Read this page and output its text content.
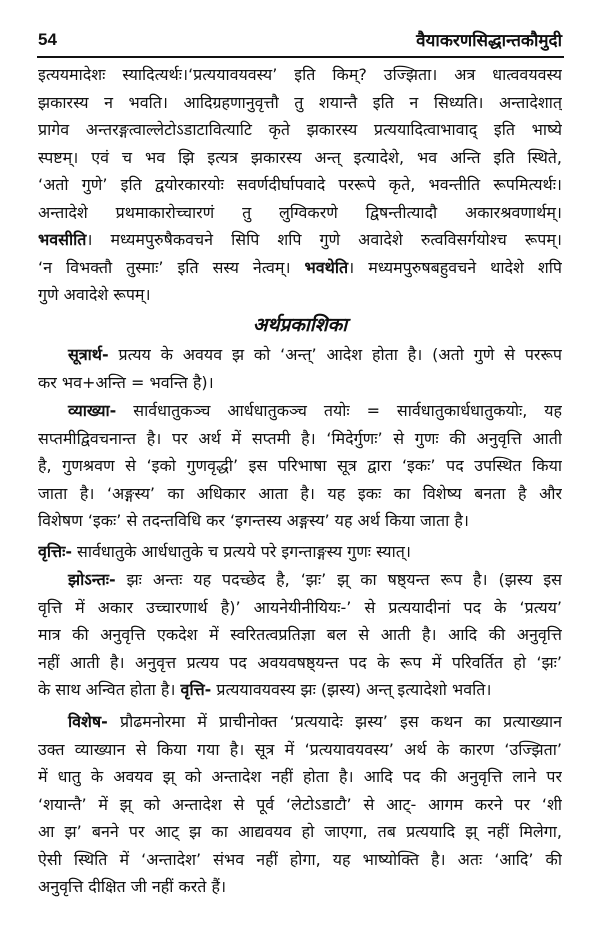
54	वैयाकरणसिद्धान्तकौमुदी
इत्ययमादेशः स्यादित्यर्थः।‘प्रत्ययावयवस्य’ इति किम्? उज्झिता। अत्र धात्ववयवस्य
झकारस्य न भवति। आदिग्रहणानुवृत्तौ तु शयान्तै इति न सिध्यति। अन्तादेशात्
प्रागेव अन्तरङ्गत्वाल्लेटोऽडाटावित्याटि कृते झकारस्य प्रत्ययादित्वाभावाद् इति भाष्ये
स्पष्टम्। एवं च भव झि इत्यत्र झकारस्य अन्त् इत्यादेशे, भव अन्ति इति स्थिते,
‘अतो गुणे’ इति द्वयोरकारयोः सवर्णदीर्घापवादे पररूपे कृते, भवन्तीति रूपमित्यर्थः।
अन्तादेशे प्रथमाकारोच्चारणं तु लुग्विकरणे द्विषन्तीत्यादौ अकारश्रवणार्थम्।
भवसीति। मध्यमपुरुषैकवचने सिपि शपि गुणे अवादेशे रुत्वविसर्गयोश्च रूपम्।
‘न विभक्तौ तुस्माः’ इति सस्य नेत्वम्। भवथेति। मध्यमपुरुषबहुवचने थादेशे शपि
गुणे अवादेशे रूपम्।
अर्थप्रकाशिका
सूत्रार्थ- प्रत्यय के अवयव झ को ‘अन्त्’ आदेश होता है। (अतो गुणे से पररूप
कर भव+अन्ति = भवन्ति है)।
व्याख्या- सार्वधातुकञ्च आर्धधातुकञ्च तयोः = सार्वधातुकार्धधातुकयोः, यह
सप्तमीद्विवचनान्त है। पर अर्थ में सप्तमी है। ‘मिदेर्गुणः’ से गुणः की अनुवृत्ति आती
है, गुणश्रवण से ‘इको गुणवृद्धी’ इस परिभाषा सूत्र द्वारा ‘इकः’ पद उपस्थित किया
जाता है। ‘अङ्गस्य’ का अधिकार आता है। यह इकः का विशेष्य बनता है और
विशेषण ‘इकः’ से तदन्तविधि कर ‘इगन्तस्य अङ्गस्य’ यह अर्थ किया जाता है।
वृत्तिः- सार्वधातुके आर्धधातुके च प्रत्यये परे इगन्ताङ्गस्य गुणः स्यात्।
झोऽन्तः- झः अन्तः यह पदच्छेद है, ‘झः’ झ् का षष्ठ्यन्त रूप है। (झस्य इस
वृत्ति में अकार उच्चारणार्थ है)’ आयनेयीनीयियः-’ से प्रत्ययादीनां पद के ‘प्रत्यय’
मात्र की अनुवृत्ति एकदेश में स्वरितत्वप्रतिज्ञा बल से आती है। आदि की अनुवृत्ति
नहीं आती है। अनुवृत्त प्रत्यय पद अवयवषष्ठ्यन्त पद के रूप में परिवर्तित हो ‘झः’
के साथ अन्वित होता है। वृत्ति- प्रत्ययावयवस्य झः (झस्य) अन्त् इत्यादेशो भवति।
विशेष- प्रौढमनोरमा में प्राचीनोक्त ‘प्रत्ययादेः झस्य’ इस कथन का प्रत्याख्यान
उक्त व्याख्यान से किया गया है। सूत्र में ‘प्रत्ययावयवस्य’ अर्थ के कारण ‘उज्झिता’
में धातु के अवयव झ् को अन्तादेश नहीं होता है। आदि पद की अनुवृत्ति लाने पर
‘शयान्तै’ में झ् को अन्तादेश से पूर्व ‘लेटोऽडाटौ’ से आट्- आगम करने पर ‘शी
आ झ’ बनने पर आट् झ का आद्यवयव हो जाएगा, तब प्रत्ययादि झ् नहीं मिलेगा,
ऐसी स्थिति में ‘अन्तादेश’ संभव नहीं होगा, यह भाष्योक्ति है। अतः ‘आदि’ की
अनुवृत्ति दीक्षित जी नहीं करते हैं।
